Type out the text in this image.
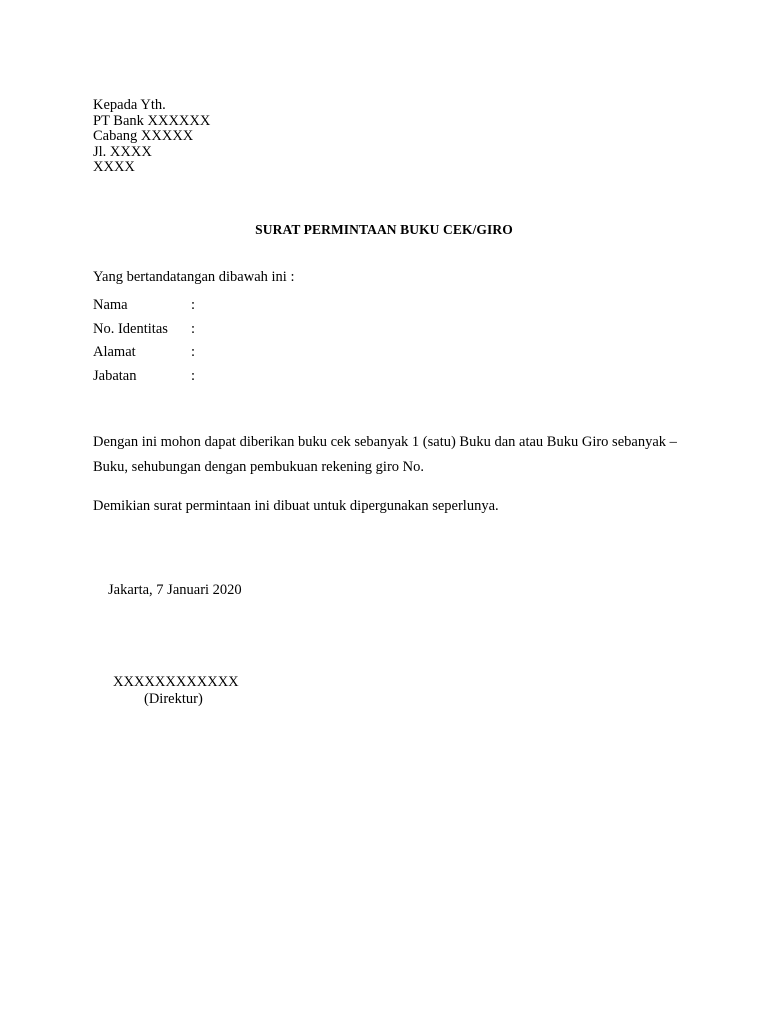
Kepada Yth.
PT Bank XXXXXX
Cabang XXXXX
Jl. XXXX
XXXX
SURAT PERMINTAAN BUKU CEK/GIRO
Yang bertandatangan dibawah ini :
Nama	:
No. Identitas :
Alamat	:
Jabatan	:
Dengan ini mohon dapat diberikan buku cek sebanyak 1 (satu) Buku dan atau Buku Giro sebanyak –
Buku, sehubungan dengan pembukuan rekening giro No.
Demikian surat permintaan ini dibuat untuk dipergunakan seperlunya.
Jakarta, 7 Januari 2020
XXXXXXXXXXXX
(Direktur)
